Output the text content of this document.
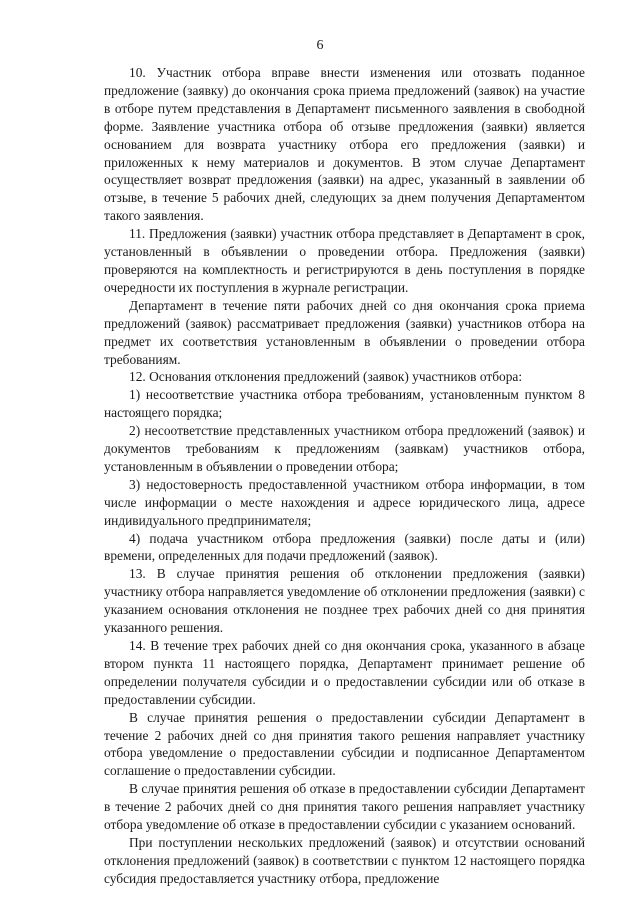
6

10. Участник отбора вправе внести изменения или отозвать поданное предложение (заявку) до окончания срока приема предложений (заявок) на участие в отборе путем представления в Департамент письменного заявления в свободной форме. Заявление участника отбора об отзыве предложения (заявки) является основанием для возврата участнику отбора его предложения (заявки) и приложенных к нему материалов и документов. В этом случае Департамент осуществляет возврат предложения (заявки) на адрес, указанный в заявлении об отзыве, в течение 5 рабочих дней, следующих за днем получения Департаментом такого заявления.

11. Предложения (заявки) участник отбора представляет в Департамент в срок, установленный в объявлении о проведении отбора. Предложения (заявки) проверяются на комплектность и регистрируются в день поступления в порядке очередности их поступления в журнале регистрации.

Департамент в течение пяти рабочих дней со дня окончания срока приема предложений (заявок) рассматривает предложения (заявки) участников отбора на предмет их соответствия установленным в объявлении о проведении отбора требованиям.

12. Основания отклонения предложений (заявок) участников отбора:

1) несоответствие участника отбора требованиям, установленным пунктом 8 настоящего порядка;

2) несоответствие представленных участником отбора предложений (заявок) и документов требованиям к предложениям (заявкам) участников отбора, установленным в объявлении о проведении отбора;

3) недостоверность предоставленной участником отбора информации, в том числе информации о месте нахождения и адресе юридического лица, адресе индивидуального предпринимателя;

4) подача участником отбора предложения (заявки) после даты и (или) времени, определенных для подачи предложений (заявок).

13. В случае принятия решения об отклонении предложения (заявки) участнику отбора направляется уведомление об отклонении предложения (заявки) с указанием основания отклонения не позднее трех рабочих дней со дня принятия указанного решения.

14. В течение трех рабочих дней со дня окончания срока, указанного в абзаце втором пункта 11 настоящего порядка, Департамент принимает решение об определении получателя субсидии и о предоставлении субсидии или об отказе в предоставлении субсидии.

В случае принятия решения о предоставлении субсидии Департамент в течение 2 рабочих дней со дня принятия такого решения направляет участнику отбора уведомление о предоставлении субсидии и подписанное Департаментом соглашение о предоставлении субсидии.

В случае принятия решения об отказе в предоставлении субсидии Департамент в течение 2 рабочих дней со дня принятия такого решения направляет участнику отбора уведомление об отказе в предоставлении субсидии с указанием оснований.

При поступлении нескольких предложений (заявок) и отсутствии оснований отклонения предложений (заявок) в соответствии с пунктом 12 настоящего порядка субсидия предоставляется участнику отбора, предложение
